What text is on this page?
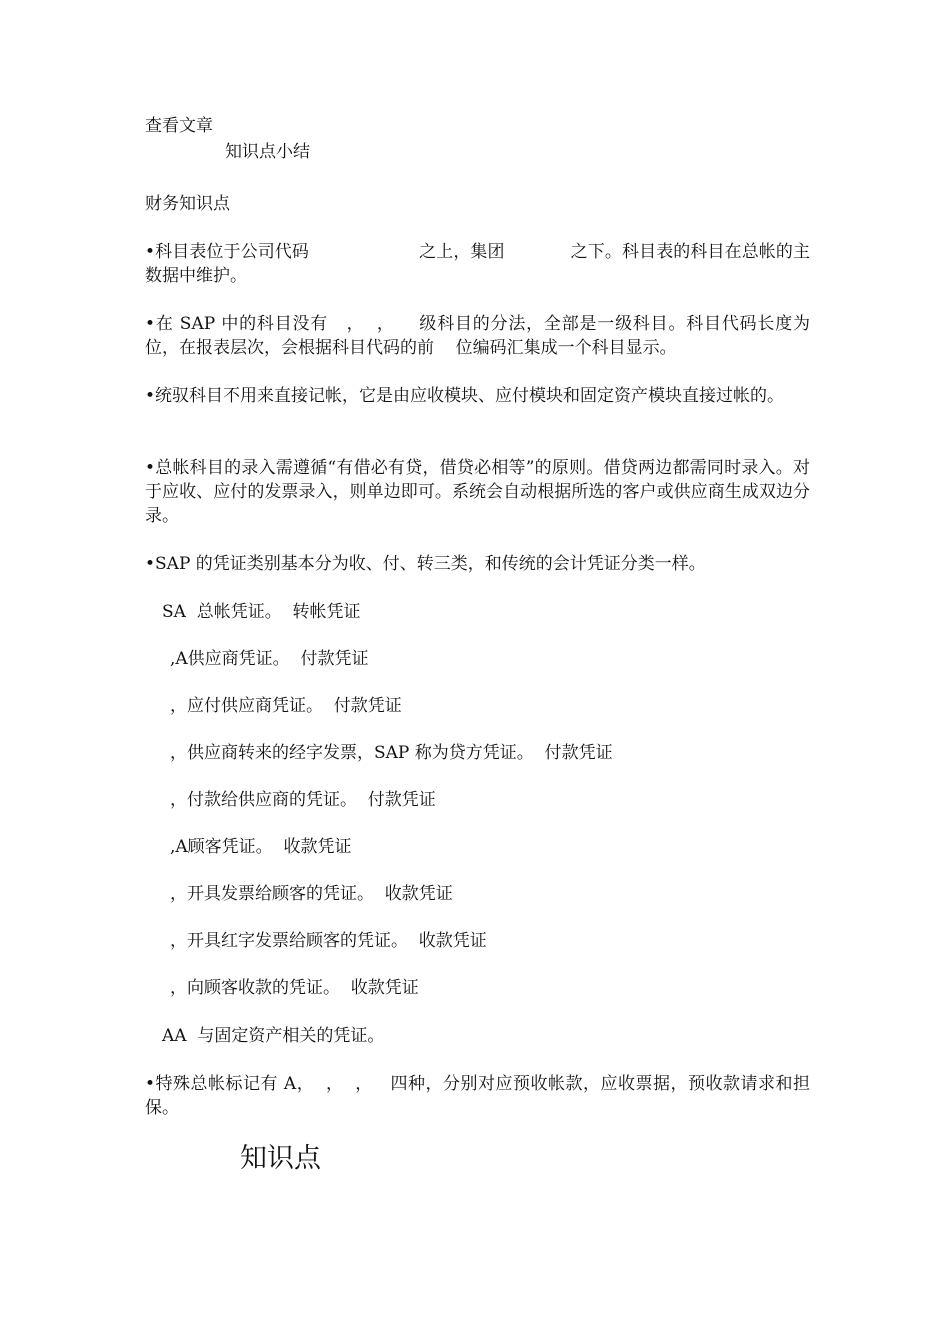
查看文章
知识点小结
财务知识点
•科目表位于公司代码                    之上，集团            之下。科目表的科目在总帐的主数据中维护。
•在 SAP 中的科目没有   ，  ，    级科目的分法，全部是一级科目。科目代码长度为   位，在报表层次，会根据科目代码的前    位编码汇集成一个科目显示。
•统驭科目不用来直接记帐，它是由应收模块、应付模块和固定资产模块直接过帐的。
•总帐科目的录入需遵循“有借必有贷，借贷必相等”的原则。借贷两边都需同时录入。对于应收、应付的发票录入，则单边即可。系统会自动根据所选的客户或供应商生成双边分录。
•SAP 的凭证类别基本分为收、付、转三类，和传统的会计凭证分类一样。
SA  总帐凭证。  转帐凭证
,A供应商凭证。  付款凭证
，应付供应商凭证。  付款凭证
，供应商转来的经字发票，SAP 称为贷方凭证。  付款凭证
，付款给供应商的凭证。  付款凭证
,A顾客凭证。  收款凭证
，开具发票给顾客的凭证。  收款凭证
，开具红字发票给顾客的凭证。  收款凭证
，向顾客收款的凭证。  收款凭证
AA  与固定资产相关的凭证。
•特殊总帐标记有 A，  ，  ，   四种，分别对应预收帐款，应收票据，预收款请求和担保。
知识点
